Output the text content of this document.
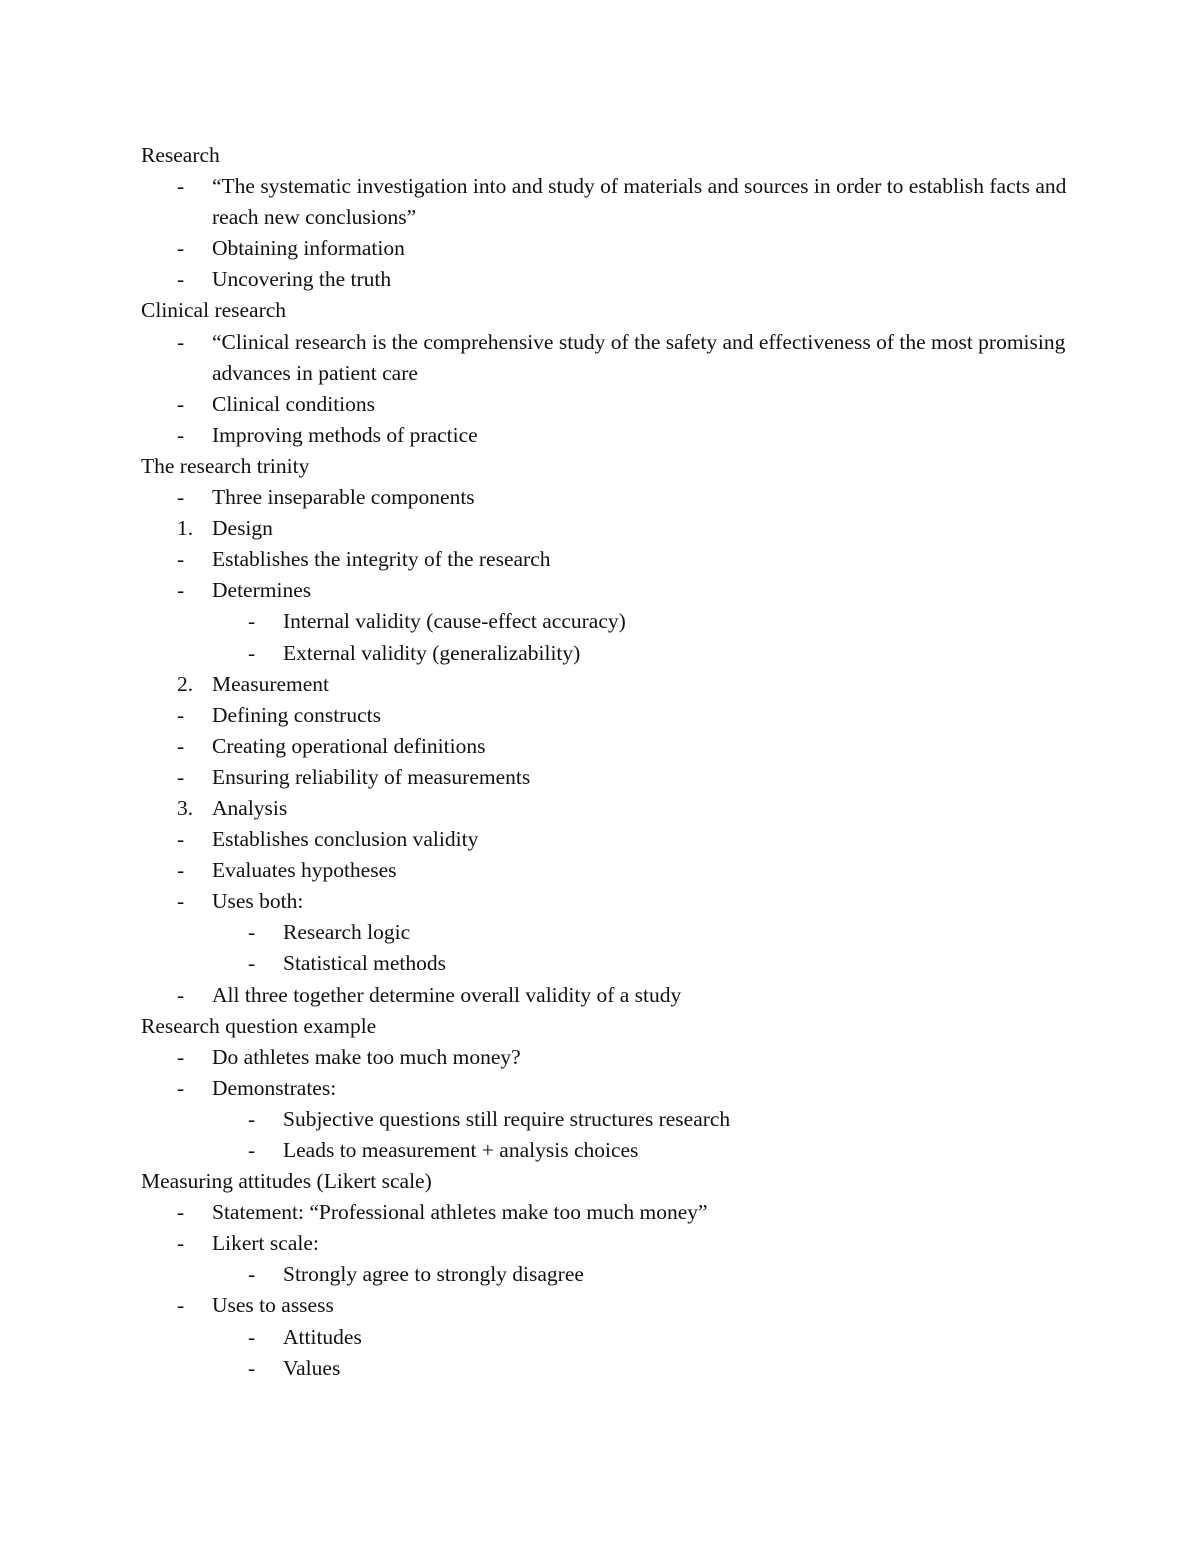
Research
- “The systematic investigation into and study of materials and sources in order to establish facts and reach new conclusions”
- Obtaining information
- Uncovering the truth
Clinical research
- “Clinical research is the comprehensive study of the safety and effectiveness of the most promising advances in patient care
- Clinical conditions
- Improving methods of practice
The research trinity
- Three inseparable components
1. Design
- Establishes the integrity of the research
- Determines
- Internal validity (cause-effect accuracy)
- External validity (generalizability)
2. Measurement
- Defining constructs
- Creating operational definitions
- Ensuring reliability of measurements
3. Analysis
- Establishes conclusion validity
- Evaluates hypotheses
- Uses both:
- Research logic
- Statistical methods
- All three together determine overall validity of a study
Research question example
- Do athletes make too much money?
- Demonstrates:
- Subjective questions still require structures research
- Leads to measurement + analysis choices
Measuring attitudes (Likert scale)
- Statement: “Professional athletes make too much money”
- Likert scale:
- Strongly agree to strongly disagree
- Uses to assess
- Attitudes
- Values
